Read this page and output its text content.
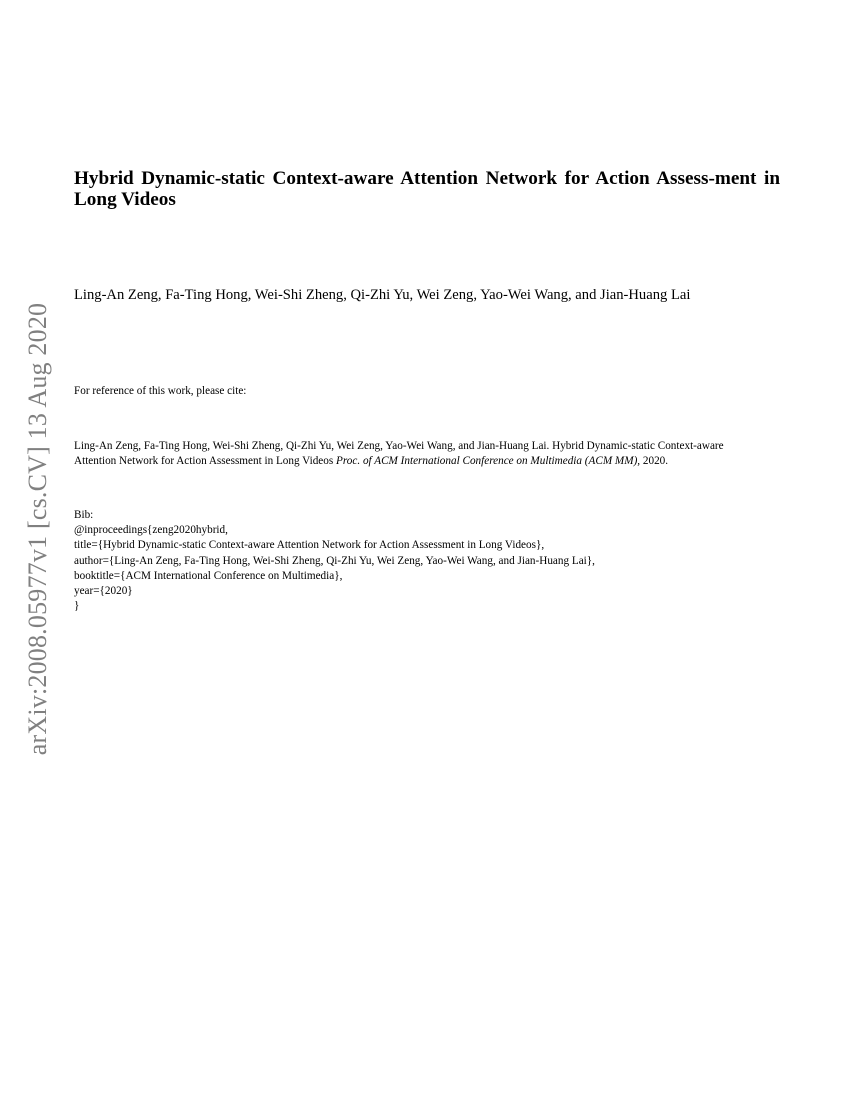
arXiv:2008.05977v1 [cs.CV] 13 Aug 2020
Hybrid Dynamic-static Context-aware Attention Network for Action Assess-ment in Long Videos
Ling-An Zeng, Fa-Ting Hong, Wei-Shi Zheng, Qi-Zhi Yu, Wei Zeng, Yao-Wei Wang, and Jian-Huang Lai
For reference of this work, please cite:
Ling-An Zeng, Fa-Ting Hong, Wei-Shi Zheng, Qi-Zhi Yu, Wei Zeng, Yao-Wei Wang, and Jian-Huang Lai. Hybrid Dynamic-static Context-aware
Attention Network for Action Assessment in Long Videos Proc. of ACM International Conference on Multimedia (ACM MM), 2020.
Bib:
@inproceedings{zeng2020hybrid,
title={Hybrid Dynamic-static Context-aware Attention Network for Action Assessment in Long Videos},
author={Ling-An Zeng, Fa-Ting Hong, Wei-Shi Zheng, Qi-Zhi Yu, Wei Zeng, Yao-Wei Wang, and Jian-Huang Lai},
booktitle={ACM International Conference on Multimedia},
year={2020}
}
